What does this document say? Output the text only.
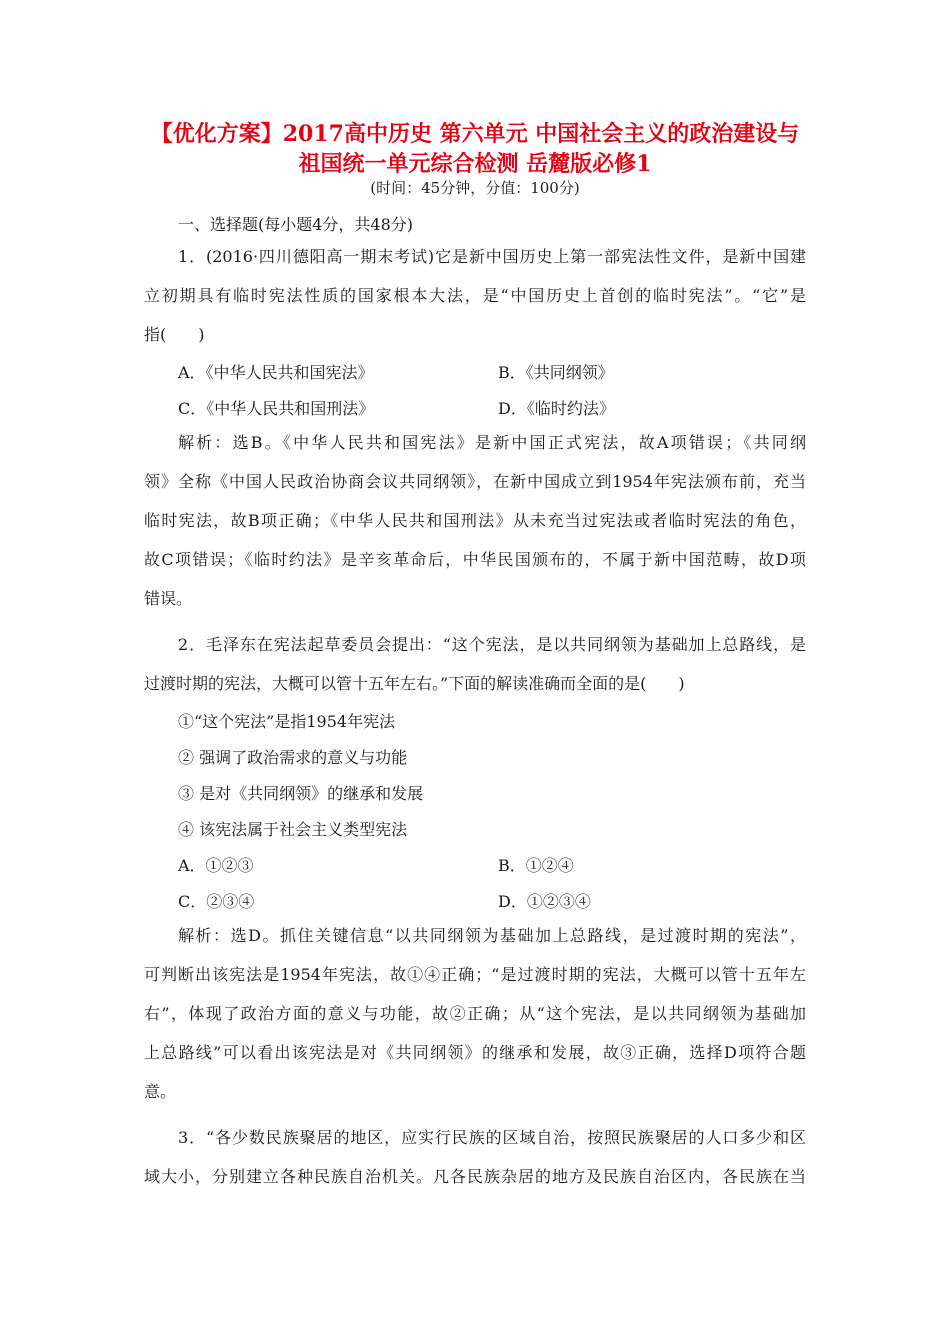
【优化方案】2017高中历史 第六单元 中国社会主义的政治建设与
祖国统一单元综合检测 岳麓版必修1
(时间：45分钟，分值：100分)
一、选择题(每小题4分，共48分)
1．(2016·四川德阳高一期末考试)它是新中国历史上第一部宪法性文件，是新中国建
立初期具有临时宪法性质的国家根本大法，是“中国历史上首创的临时宪法”。“它”是
指(　　)
A．《中华人民共和国宪法》	B．《共同纲领》
C．《中华人民共和国刑法》	D．《临时约法》
解析：选B。《中华人民共和国宪法》是新中国正式宪法，故A项错误；《共同纲
领》全称《中国人民政治协商会议共同纲领》，在新中国成立到1954年宪法颁布前，充当
临时宪法，故B项正确；《中华人民共和国刑法》从未充当过宪法或者临时宪法的角色，
故C项错误；《临时约法》是辛亥革命后，中华民国颁布的，不属于新中国范畴，故D项
错误。
2．毛泽东在宪法起草委员会提出：“这个宪法，是以共同纲领为基础加上总路线，是
过渡时期的宪法，大概可以管十五年左右。”下面的解读准确而全面的是(　　)
①“这个宪法”是指1954年宪法
② 强调了政治需求的意义与功能
③ 是对《共同纲领》的继承和发展
④ 该宪法属于社会主义类型宪法
A．①②③	B．①②④
C．②③④	D．①②③④
解析：选D。抓住关键信息“以共同纲领为基础加上总路线，是过渡时期的宪法”，
可判断出该宪法是1954年宪法，故①④正确；“是过渡时期的宪法，大概可以管十五年左
右”，体现了政治方面的意义与功能，故②正确；从“这个宪法，是以共同纲领为基础加
上总路线”可以看出该宪法是对《共同纲领》的继承和发展，故③正确，选择D项符合题
意。
3．“各少数民族聚居的地区，应实行民族的区域自治，按照民族聚居的人口多少和区
域大小，分别建立各种民族自治机关。凡各民族杂居的地方及民族自治区内，各民族在当
